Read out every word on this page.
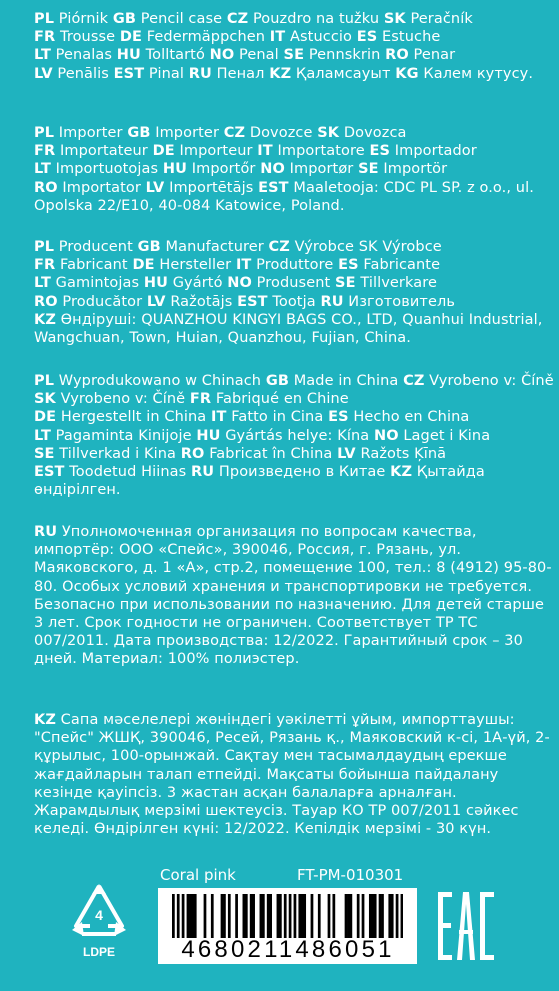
PL Piórnik GB Pencil case CZ Pouzdro na tužku SK Peračník
FR Trousse DE Federmäppchen IT Astuccio ES Estuche
LT Penalas HU Tolltartó NO Penal SE Pennskrin RO Penar
LV Penālis EST Pinal RU Пенал KZ Қаламсауыт KG Калем кутусу.
PL Importer GB Importer CZ Dovozce SK Dovozca
FR Importateur DE Importeur IT Importatore ES Importador
LT Importuotojas HU Importőr NO Importør SE Importör
RO Importator LV Importētājs EST Maaletooja: CDC PL SP. z o.o., ul. Opolska 22/E10, 40-084 Katowice, Poland.
PL Producent GB Manufacturer CZ Výrobce SK Výrobce
FR Fabricant DE Hersteller IT Produttore ES Fabricante
LT Gamintojas HU Gyártó NO Produsent SE Tillverkare
RO Producător LV Ražotājs EST Tootja RU Изготовитель
KZ Өндіруші: QUANZHOU KINGYI BAGS CO., LTD, Quanhui Industrial, Wangchuan, Town, Huian, Quanzhou, Fujian, China.
PL Wyprodukowano w Chinach GB Made in China CZ Vyrobeno v: Číně SK Vyrobeno v: Číně FR Fabriqué en Chine
DE Hergestellt in China IT Fatto in Cina ES Hecho en China
LT Pagaminta Kinijoje HU Gyártás helye: Kína NO Laget i Kina
SE Tillverkad i Kina RO Fabricat în China LV Ražots Ķīnā
EST Toodetud Hiinas RU Произведено в Китае KZ Қытайда өндірілген.
RU Уполномоченная организация по вопросам качества, импортёр: ООО «Спейс», 390046, Россия, г. Рязань, ул. Маяковского, д. 1 «А», стр.2, помещение 100, тел.: 8 (4912) 95-80-80. Особых условий хранения и транспортировки не требуется. Безопасно при использовании по назначению. Для детей старше 3 лет. Срок годности не ограничен. Соответствует ТР ТС 007/2011. Дата производства: 12/2022. Гарантийный срок – 30 дней. Материал: 100% полиэстер.
KZ Сапа мәселелері жөніндегі уәкілетті ұйым, импорттаушы: "Спейс" ЖШҚ, 390046, Ресей, Рязань қ., Маяковский к-сі, 1А-үй, 2-құрылыс, 100-орынжай. Сақтау мен тасымалдаудың ерекше жағдайларын талап етпейді. Мақсаты бойынша пайдалану кезінде қауіпсіз. 3 жастан асқан балаларға арналған. Жарамдылық мерзімі шектеусіз. Тауар КО ТР 007/2011 сәйкес келеді. Өндірілген күні: 12/2022. Кепілдік мерзімі - 30 күн.
Coral pink	FT-PM-010301
4
LDPE	4680211486051
EAC
